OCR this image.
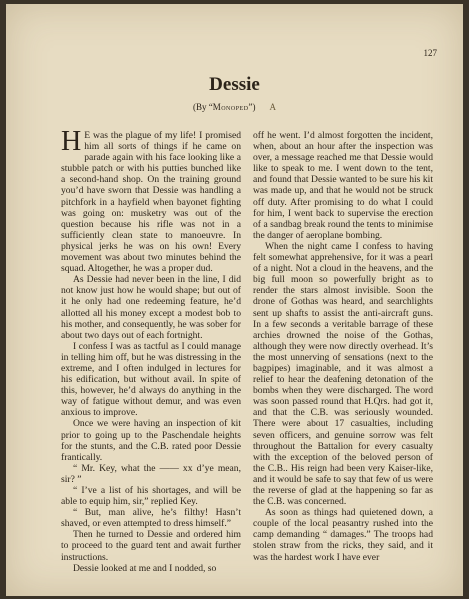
127
Dessie
(By “Monoped”) A

H E was the plague of my life! I promised him all sorts of things if he came on parade again with his face looking like a stubble patch or with his putties bunched like a second-hand shop. On the training ground you’d have sworn that Dessie was handling a pitchfork in a hayfield when bayonet fighting was going on: musketry was out of the question because his rifle was not in a sufficiently clean state to manoeuvre. In physical jerks he was on his own! Every movement was about two minutes behind the squad. Altogether, he was a proper dud.

As Dessie had never been in the line, I did not know just how he would shape; but out of it he only had one redeeming feature, he’d allotted all his money except a modest bob to his mother, and consequently, he was sober for about two days out of each fortnight.

I confess I was as tactful as I could manage in telling him off, but he was distressing in the extreme, and I often indulged in lectures for his edification, but without avail. In spite of this, however, he’d always do anything in the way of fatigue without demur, and was even anxious to improve.

Once we were having an inspection of kit prior to going up to the Paschendale heights for the stunts, and the C.B. rated poor Dessie frantically.

“ Mr. Key, what the —— xx d’ye mean, sir? ”

“ I’ve a list of his shortages, and will be able to equip him, sir,” replied Key.

“ But, man alive, he’s filthy! Hasn’t shaved, or even attempted to dress himself.”

Then he turned to Dessie and ordered him to proceed to the guard tent and await further instructions.

Dessie looked at me and I nodded, so

off he went. I’d almost forgotten the incident, when, about an hour after the inspection was over, a message reached me that Dessie would like to speak to me. I went down to the tent, and found that Dessie wanted to be sure his kit was made up, and that he would not be struck off duty. After promising to do what I could for him, I went back to supervise the erection of a sandbag break round the tents to minimise the danger of aeroplane bombing.

When the night came I confess to having felt somewhat apprehensive, for it was a pearl of a night. Not a cloud in the heavens, and the big full moon so powerfully bright as to render the stars almost invisible. Soon the drone of Gothas was heard, and searchlights sent up shafts to assist the anti-aircraft guns. In a few seconds a veritable barrage of these archies drowned the noise of the Gothas, although they were now directly overhead. It’s the most unnerving of sensations (next to the bagpipes) imaginable, and it was almost a relief to hear the deafening detonation of the bombs when they were discharged. The word was soon passed round that H.Qrs. had got it, and that the C.B. was seriously wounded. There were about 17 casualties, including seven officers, and genuine sorrow was felt throughout the Battalion for every casualty with the exception of the beloved person of the C.B.. His reign had been very Kaiser-like, and it would be safe to say that few of us were the reverse of glad at the happening so far as the C.B. was concerned.

As soon as things had quietened down, a couple of the local peasantry rushed into the camp demanding “ damages.” The troops had stolen straw from the ricks, they said, and it was the hardest work I have ever
